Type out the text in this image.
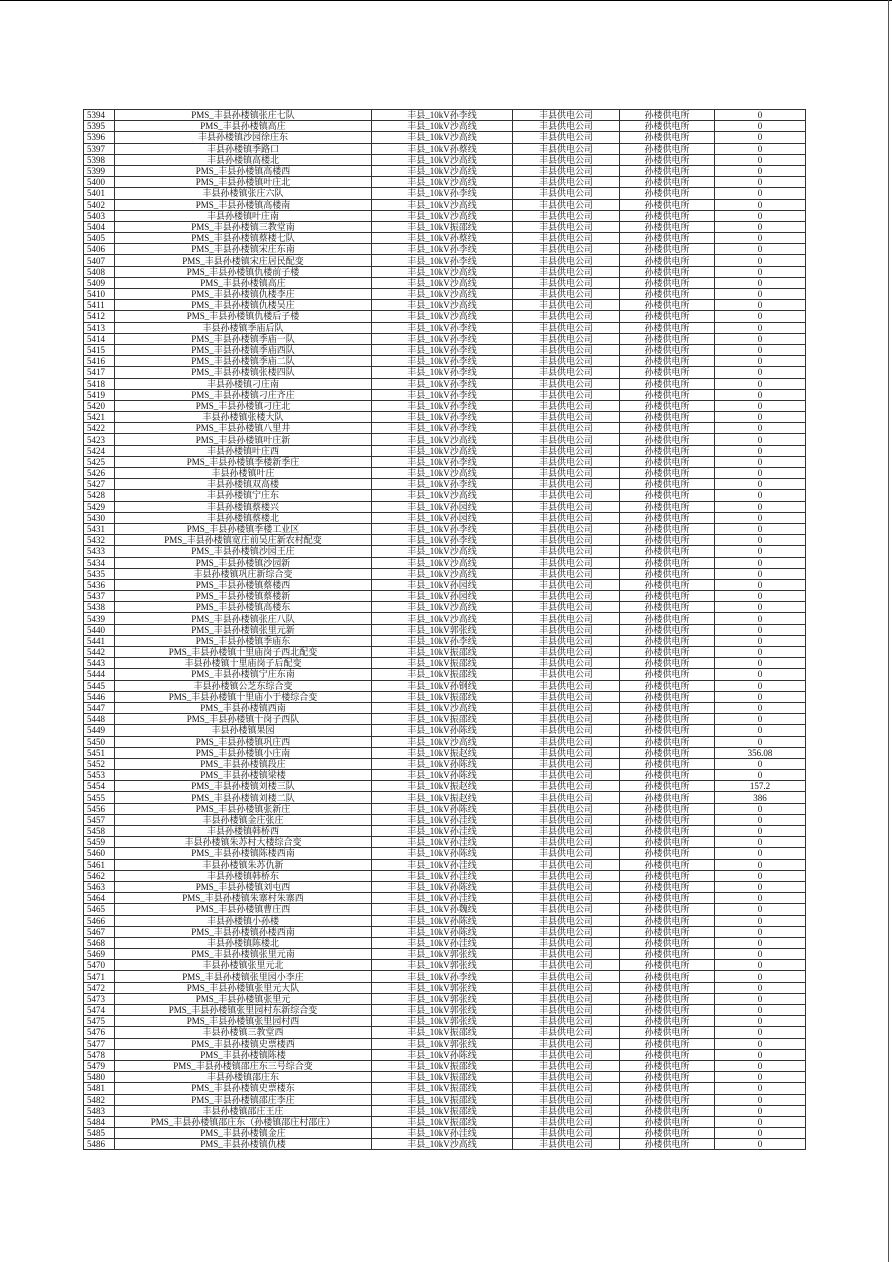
5394	PMS_丰县孙楼镇张庄七队	丰县_10kV孙李线	丰县供电公司	孙楼供电所	0
5395	PMS_丰县孙楼镇高庄	丰县_10kV沙高线	丰县供电公司	孙楼供电所	0
5396	丰县孙楼镇沙园徐庄东	丰县_10kV沙高线	丰县供电公司	孙楼供电所	0
5397	丰县孙楼镇季路口	丰县_10kV孙蔡线	丰县供电公司	孙楼供电所	0
5398	丰县孙楼镇高楼北	丰县_10kV沙高线	丰县供电公司	孙楼供电所	0
5399	PMS_丰县孙楼镇高楼西	丰县_10kV沙高线	丰县供电公司	孙楼供电所	0
5400	PMS_丰县孙楼镇叶庄北	丰县_10kV沙高线	丰县供电公司	孙楼供电所	0
5401	丰县孙楼镇张庄六队	丰县_10kV孙李线	丰县供电公司	孙楼供电所	0
5402	PMS_丰县孙楼镇高楼南	丰县_10kV沙高线	丰县供电公司	孙楼供电所	0
5403	丰县孙楼镇叶庄南	丰县_10kV沙高线	丰县供电公司	孙楼供电所	0
5404	PMS_丰县孙楼镇三教堂南	丰县_10kV振邵线	丰县供电公司	孙楼供电所	0
5405	PMS_丰县孙楼镇蔡楼七队	丰县_10kV孙蔡线	丰县供电公司	孙楼供电所	0
5406	PMS_丰县孙楼镇宋庄东南	丰县_10kV孙李线	丰县供电公司	孙楼供电所	0
5407	PMS_丰县孙楼镇宋庄居民配变	丰县_10kV孙李线	丰县供电公司	孙楼供电所	0
5408	PMS_丰县孙楼镇仇楼前子楼	丰县_10kV沙高线	丰县供电公司	孙楼供电所	0
5409	PMS_丰县孙楼镇高庄	丰县_10kV沙高线	丰县供电公司	孙楼供电所	0
5410	PMS_丰县孙楼镇仇楼李庄	丰县_10kV沙高线	丰县供电公司	孙楼供电所	0
5411	PMS_丰县孙楼镇仇楼吴庄	丰县_10kV沙高线	丰县供电公司	孙楼供电所	0
5412	PMS_丰县孙楼镇仇楼后子楼	丰县_10kV沙高线	丰县供电公司	孙楼供电所	0
5413	丰县孙楼镇季庙后队	丰县_10kV孙李线	丰县供电公司	孙楼供电所	0
5414	PMS_丰县孙楼镇季庙一队	丰县_10kV孙李线	丰县供电公司	孙楼供电所	0
5415	PMS_丰县孙楼镇季庙西队	丰县_10kV孙李线	丰县供电公司	孙楼供电所	0
5416	PMS_丰县孙楼镇季庙二队	丰县_10kV孙李线	丰县供电公司	孙楼供电所	0
5417	PMS_丰县孙楼镇张楼四队	丰县_10kV孙李线	丰县供电公司	孙楼供电所	0
5418	丰县孙楼镇刁庄南	丰县_10kV孙李线	丰县供电公司	孙楼供电所	0
5419	PMS_丰县孙楼镇刁庄齐庄	丰县_10kV孙李线	丰县供电公司	孙楼供电所	0
5420	PMS_丰县孙楼镇刁庄北	丰县_10kV孙李线	丰县供电公司	孙楼供电所	0
5421	丰县孙楼镇张楼大队	丰县_10kV孙李线	丰县供电公司	孙楼供电所	0
5422	PMS_丰县孙楼镇八里井	丰县_10kV孙李线	丰县供电公司	孙楼供电所	0
5423	PMS_丰县孙楼镇叶庄新	丰县_10kV沙高线	丰县供电公司	孙楼供电所	0
5424	丰县孙楼镇叶庄西	丰县_10kV沙高线	丰县供电公司	孙楼供电所	0
5425	PMS_丰县孙楼镇季楼新季庄	丰县_10kV孙李线	丰县供电公司	孙楼供电所	0
5426	丰县孙楼镇叶庄	丰县_10kV沙高线	丰县供电公司	孙楼供电所	0
5427	丰县孙楼镇双高楼	丰县_10kV孙李线	丰县供电公司	孙楼供电所	0
5428	丰县孙楼镇宁庄东	丰县_10kV沙高线	丰县供电公司	孙楼供电所	0
5429	丰县孙楼镇蔡楼兴	丰县_10kV孙园线	丰县供电公司	孙楼供电所	0
5430	丰县孙楼镇蔡楼北	丰县_10kV孙园线	丰县供电公司	孙楼供电所	0
5431	PMS_丰县孙楼镇季楼工业区	丰县_10kV孙李线	丰县供电公司	孙楼供电所	0
5432	PMS_丰县孙楼镇宽庄前吴庄新农村配变	丰县_10kV孙李线	丰县供电公司	孙楼供电所	0
5433	PMS_丰县孙楼镇沙园王庄	丰县_10kV沙高线	丰县供电公司	孙楼供电所	0
5434	PMS_丰县孙楼镇沙园新	丰县_10kV沙高线	丰县供电公司	孙楼供电所	0
5435	丰县孙楼镇巩庄新综合变	丰县_10kV沙高线	丰县供电公司	孙楼供电所	0
5436	PMS_丰县孙楼镇蔡楼西	丰县_10kV孙园线	丰县供电公司	孙楼供电所	0
5437	PMS_丰县孙楼镇蔡楼新	丰县_10kV孙园线	丰县供电公司	孙楼供电所	0
5438	PMS_丰县孙楼镇高楼东	丰县_10kV沙高线	丰县供电公司	孙楼供电所	0
5439	PMS_丰县孙楼镇张庄八队	丰县_10kV沙高线	丰县供电公司	孙楼供电所	0
5440	PMS_丰县孙楼镇张里元新	丰县_10kV郭张线	丰县供电公司	孙楼供电所	0
5441	PMS_丰县孙楼镇季庙东	丰县_10kV孙李线	丰县供电公司	孙楼供电所	0
5442	PMS_丰县孙楼镇十里庙岗子西北配变	丰县_10kV振邵线	丰县供电公司	孙楼供电所	0
5443	丰县孙楼镇十里庙岗子后配变	丰县_10kV振邵线	丰县供电公司	孙楼供电所	0
5444	PMS_丰县孙楼镇宁庄东南	丰县_10kV振邵线	丰县供电公司	孙楼供电所	0
5445	丰县孙楼镇公芝东综合变	丰县_10kV孙钢线	丰县供电公司	孙楼供电所	0
5446	PMS_丰县孙楼镇十里庙小于楼综合变	丰县_10kV振邵线	丰县供电公司	孙楼供电所	0
5447	PMS_丰县孙楼镇西南	丰县_10kV沙高线	丰县供电公司	孙楼供电所	0
5448	PMS_丰县孙楼镇十岗子西队	丰县_10kV振邵线	丰县供电公司	孙楼供电所	0
5449	丰县孙楼镇果园	丰县_10kV孙陈线	丰县供电公司	孙楼供电所	0
5450	PMS_丰县孙楼镇巩庄西	丰县_10kV沙高线	丰县供电公司	孙楼供电所	0
5451	PMS_丰县孙楼镇小庄南	丰县_10kV振赵线	丰县供电公司	孙楼供电所	356.08
5452	PMS_丰县孙楼镇段庄	丰县_10kV孙陈线	丰县供电公司	孙楼供电所	0
5453	PMS_丰县孙楼镇梁楼	丰县_10kV孙陈线	丰县供电公司	孙楼供电所	0
5454	PMS_丰县孙楼镇刘楼三队	丰县_10kV振赵线	丰县供电公司	孙楼供电所	157.2
5455	PMS_丰县孙楼镇刘楼二队	丰县_10kV振赵线	丰县供电公司	孙楼供电所	386
5456	PMS_丰县孙楼镇张新庄	丰县_10kV孙陈线	丰县供电公司	孙楼供电所	0
5457	丰县孙楼镇金庄张庄	丰县_10kV孙洼线	丰县供电公司	孙楼供电所	0
5458	丰县孙楼镇韩桥西	丰县_10kV孙洼线	丰县供电公司	孙楼供电所	0
5459	丰县孙楼镇朱苏村大楼综合变	丰县_10kV孙洼线	丰县供电公司	孙楼供电所	0
5460	PMS_丰县孙楼镇陈楼西南	丰县_10kV孙陈线	丰县供电公司	孙楼供电所	0
5461	丰县孙楼镇朱苏仇新	丰县_10kV孙洼线	丰县供电公司	孙楼供电所	0
5462	丰县孙楼镇韩桥东	丰县_10kV孙洼线	丰县供电公司	孙楼供电所	0
5463	PMS_丰县孙楼镇刘屯西	丰县_10kV孙陈线	丰县供电公司	孙楼供电所	0
5464	PMS_丰县孙楼镇朱寨村朱寨西	丰县_10kV孙洼线	丰县供电公司	孙楼供电所	0
5465	PMS_丰县孙楼镇曹庄西	丰县_10kV孙魏线	丰县供电公司	孙楼供电所	0
5466	丰县孙楼镇小孙楼	丰县_10kV孙陈线	丰县供电公司	孙楼供电所	0
5467	PMS_丰县孙楼镇孙楼西南	丰县_10kV孙陈线	丰县供电公司	孙楼供电所	0
5468	丰县孙楼镇陈楼北	丰县_10kV孙洼线	丰县供电公司	孙楼供电所	0
5469	PMS_丰县孙楼镇张里元南	丰县_10kV郭张线	丰县供电公司	孙楼供电所	0
5470	丰县孙楼镇张里元北	丰县_10kV郭张线	丰县供电公司	孙楼供电所	0
5471	PMS_丰县孙楼镇张里园小李庄	丰县_10kV孙李线	丰县供电公司	孙楼供电所	0
5472	PMS_丰县孙楼镇张里元大队	丰县_10kV郭张线	丰县供电公司	孙楼供电所	0
5473	PMS_丰县孙楼镇张里元	丰县_10kV郭张线	丰县供电公司	孙楼供电所	0
5474	PMS_丰县孙楼镇张里园村东新综合变	丰县_10kV郭张线	丰县供电公司	孙楼供电所	0
5475	PMS_丰县孙楼镇张里园村西	丰县_10kV郭张线	丰县供电公司	孙楼供电所	0
5476	丰县孙楼镇三教堂西	丰县_10kV振邵线	丰县供电公司	孙楼供电所	0
5477	PMS_丰县孙楼镇史票楼西	丰县_10kV郭张线	丰县供电公司	孙楼供电所	0
5478	PMS_丰县孙楼镇陈楼	丰县_10kV孙陈线	丰县供电公司	孙楼供电所	0
5479	PMS_丰县孙楼镇邵庄东三号综合变	丰县_10kV振邵线	丰县供电公司	孙楼供电所	0
5480	丰县孙楼镇邵庄东	丰县_10kV振邵线	丰县供电公司	孙楼供电所	0
5481	PMS_丰县孙楼镇史票楼东	丰县_10kV振邵线	丰县供电公司	孙楼供电所	0
5482	PMS_丰县孙楼镇邵庄李庄	丰县_10kV振邵线	丰县供电公司	孙楼供电所	0
5483	丰县孙楼镇邵庄王庄	丰县_10kV振邵线	丰县供电公司	孙楼供电所	0
5484	PMS_丰县孙楼镇邵庄东（孙楼镇邵庄村邵庄）	丰县_10kV振邵线	丰县供电公司	孙楼供电所	0
5485	PMS_丰县孙楼镇金庄	丰县_10kV孙洼线	丰县供电公司	孙楼供电所	0
5486	PMS_丰县孙楼镇仇楼	丰县_10kV沙高线	丰县供电公司	孙楼供电所	0
